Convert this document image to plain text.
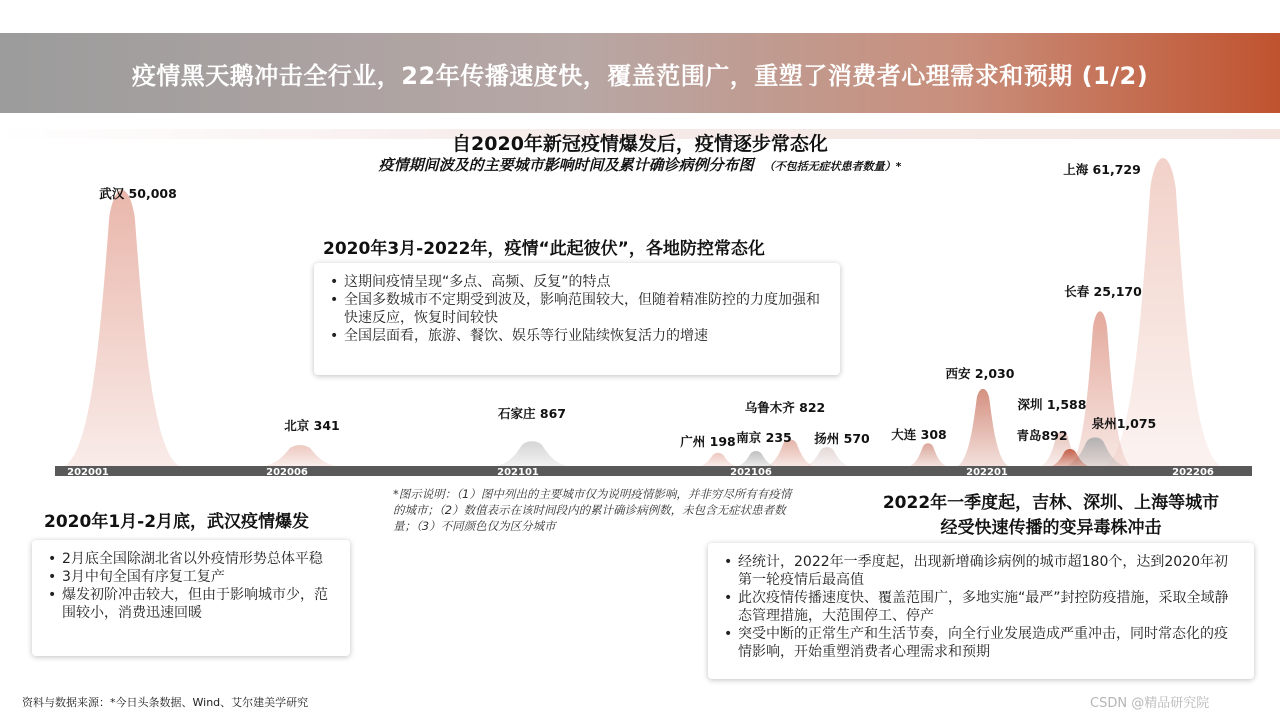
疫情黑天鹅冲击全行业，22年传播速度快，覆盖范围广，重塑了消费者心理需求和预期 (1/2)
202001	202006	202101	202106	202201	202206
武汉 50,008
北京 341
石家庄 867
广州 198 南京 235
乌鲁木齐 822
扬州 570 大连 308
西安 2,030
深圳 1,588
青岛892
泉州1,075
长春 25,170
上海 61,729
自2020年新冠疫情爆发后，疫情逐步常态化
疫情期间波及的主要城市影响时间及累计确诊病例分布图 （不包括无症状患者数量）*
2020年3月-2022年，疫情“此起彼伏”，各地防控常态化
• 这期间疫情呈现“多点、高频、反复”的特点
• 全国多数城市不定期受到波及，影响范围较大，但随着精准防控的力度加强和快速反应，恢复时间较快
• 全国层面看，旅游、餐饮、娱乐等行业陆续恢复活力的增速
2020年1月-2月底，武汉疫情爆发
• 2月底全国除湖北省以外疫情形势总体平稳
• 3月中旬全国有序复工复产
• 爆发初阶冲击较大，但由于影响城市少，范围较小，消费迅速回暖
2022年一季度起，吉林、深圳、上海等城市
经受快速传播的变异毒株冲击
• 经统计，2022年一季度起，出现新增确诊病例的城市超180个，达到2020年初第一轮疫情后最高值
• 此次疫情传播速度快、覆盖范围广，多地实施“最严”封控防疫措施，采取全域静态管理措施，大范围停工、停产
• 突受中断的正常生产和生活节奏，向全行业发展造成严重冲击，同时常态化的疫情影响，开始重塑消费者心理需求和预期
*图示说明：（1）图中列出的主要城市仅为说明疫情影响，并非穷尽所有有疫情的城市；（2）数值表示在该时间段内的累计确诊病例数，未包含无症状患者数量；（3）不同颜色仅为区分城市
资料与数据来源：*今日头条数据、Wind、艾尔建美学研究	CSDN @精品研究院
